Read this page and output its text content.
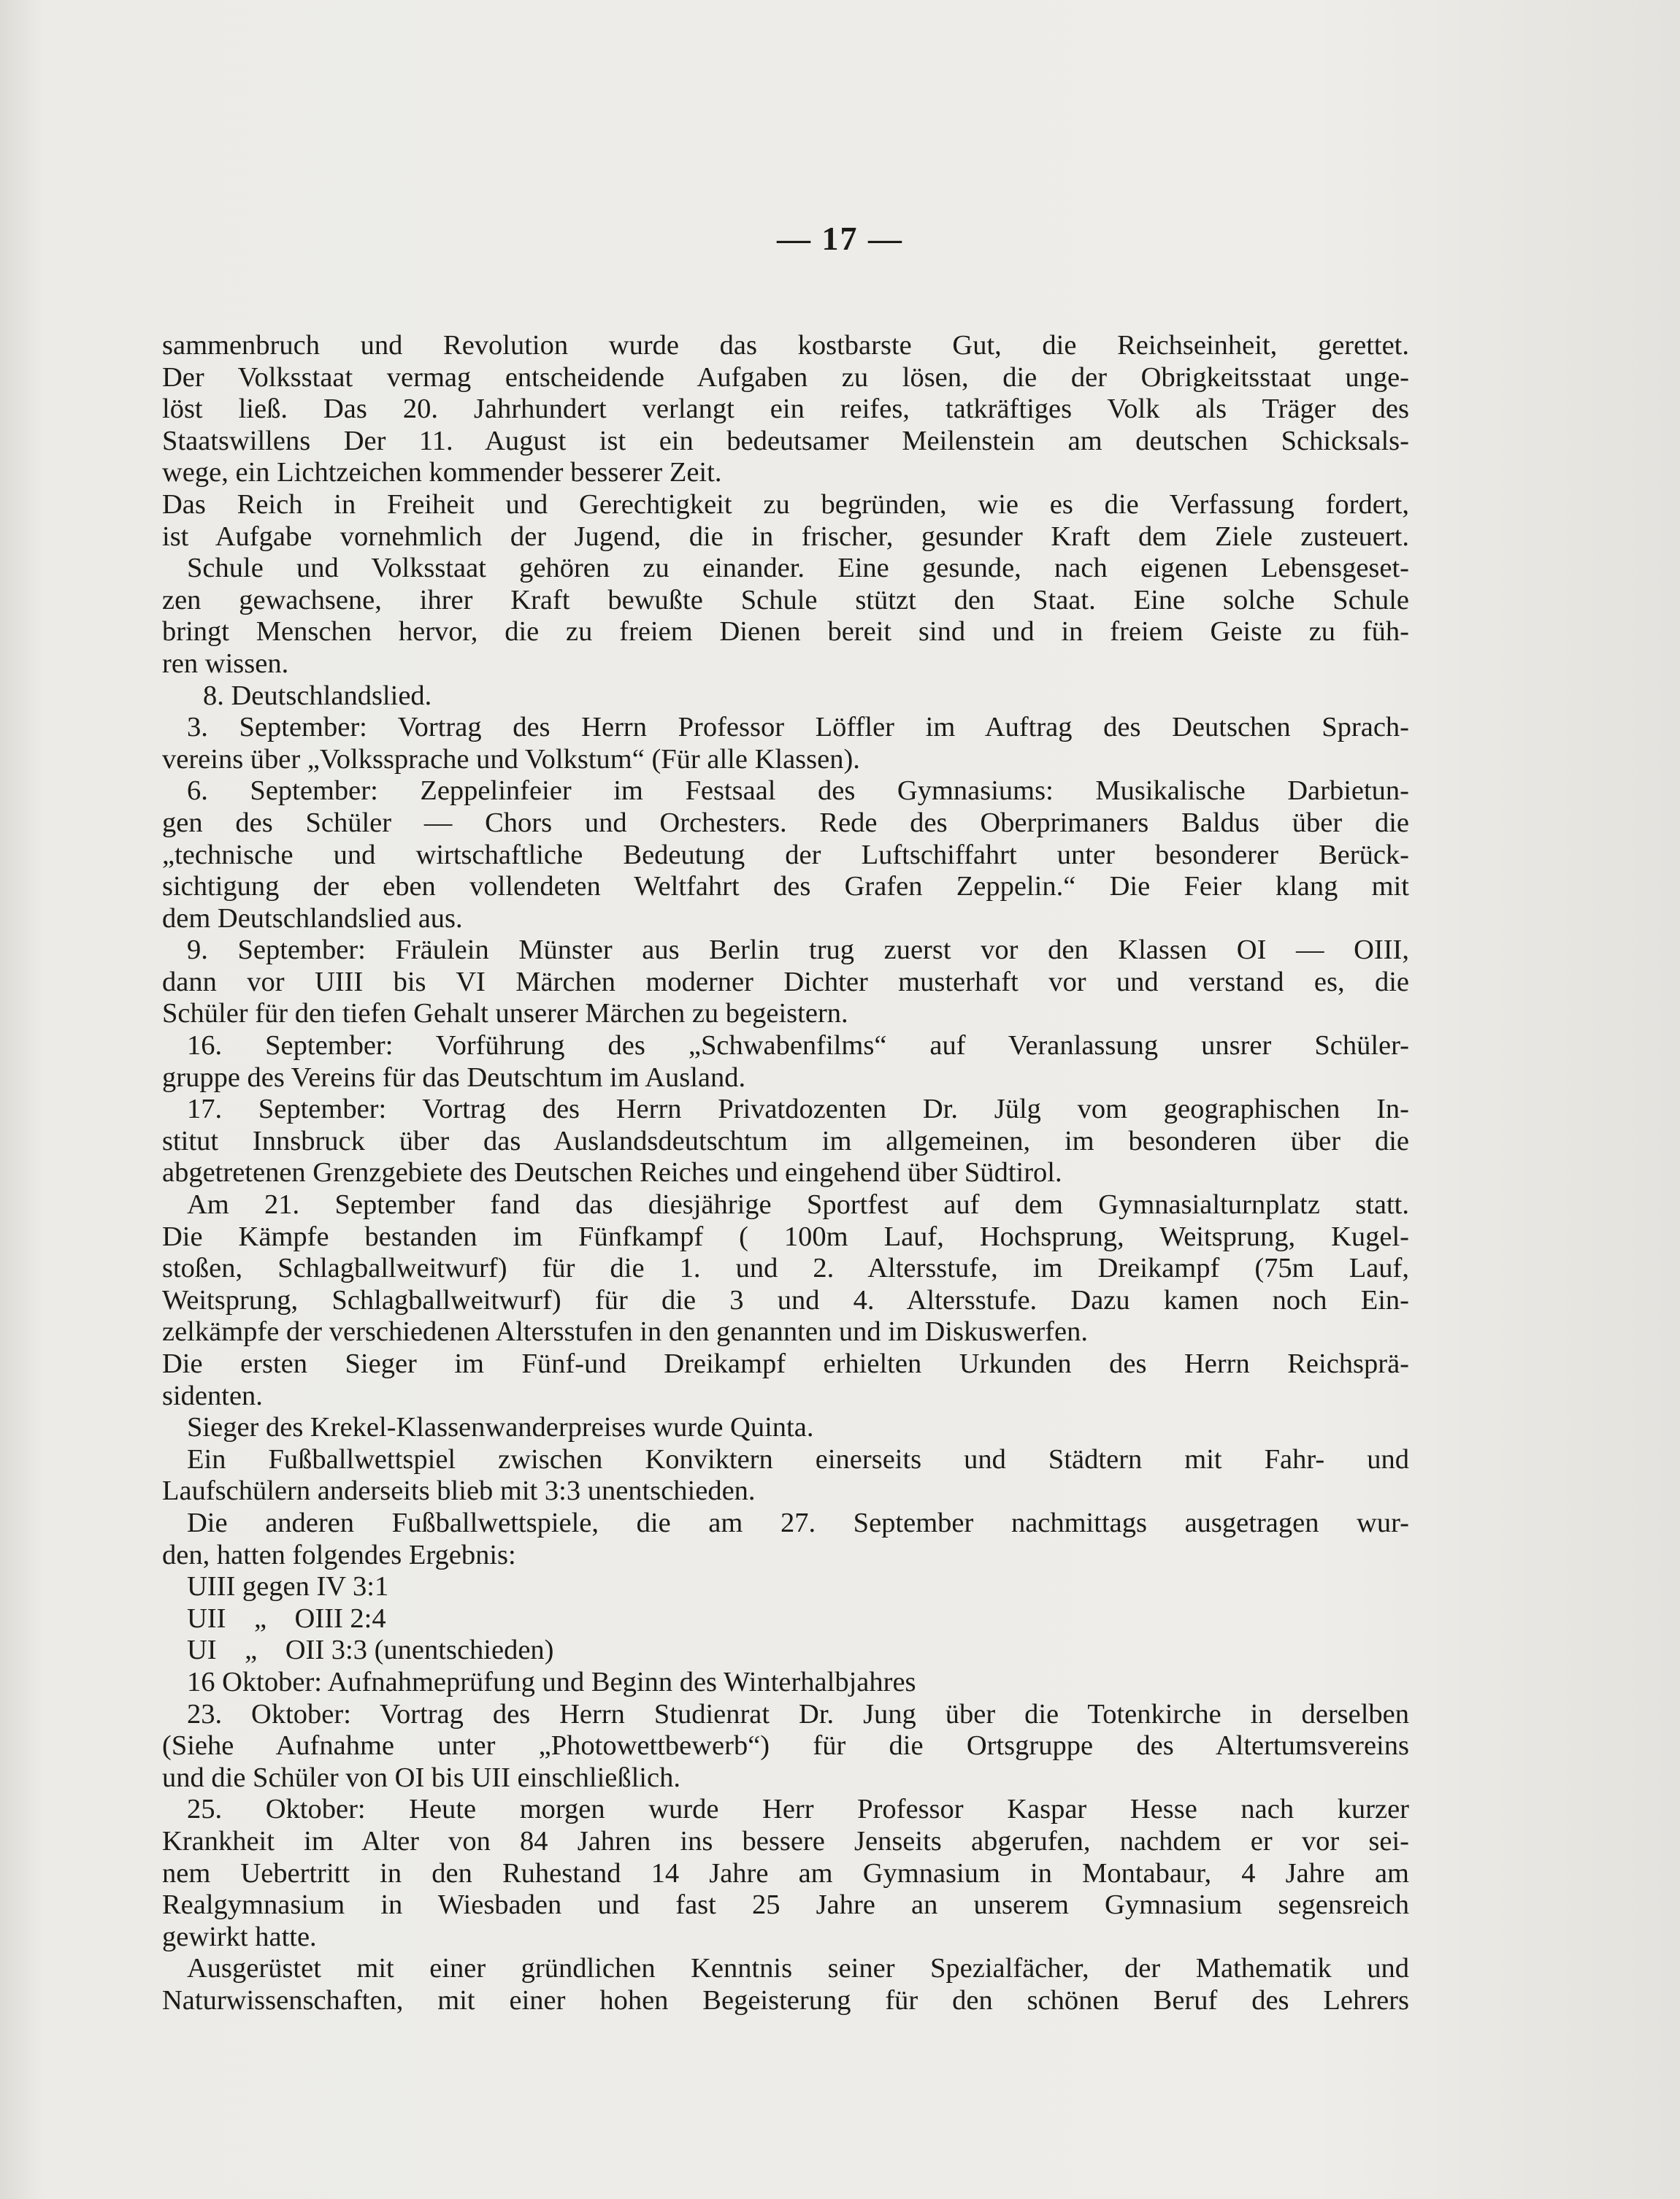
— 17 —
sammenbruch und Revolution wurde das kostbarste Gut, die Reichseinheit, gerettet.
Der Volksstaat vermag entscheidende Aufgaben zu lösen, die der Obrigkeitsstaat unge-
löst ließ. Das 20. Jahrhundert verlangt ein reifes, tatkräftiges Volk als Träger des
Staatswillens Der 11. August ist ein bedeutsamer Meilenstein am deutschen Schicksals-
wege, ein Lichtzeichen kommender besserer Zeit.
Das Reich in Freiheit und Gerechtigkeit zu begründen, wie es die Verfassung fordert,
ist Aufgabe vornehmlich der Jugend, die in frischer, gesunder Kraft dem Ziele zusteuert.
Schule und Volksstaat gehören zu einander. Eine gesunde, nach eigenen Lebensgeset-
zen gewachsene, ihrer Kraft bewußte Schule stützt den Staat. Eine solche Schule
bringt Menschen hervor, die zu freiem Dienen bereit sind und in freiem Geiste zu füh-
ren wissen.
8. Deutschlandslied.
3. September: Vortrag des Herrn Professor Löffler im Auftrag des Deutschen Sprach-
vereins über „Volkssprache und Volkstum“ (Für alle Klassen).
6. September: Zeppelinfeier im Festsaal des Gymnasiums: Musikalische Darbietun-
gen des Schüler — Chors und Orchesters. Rede des Oberprimaners Baldus über die
„technische und wirtschaftliche Bedeutung der Luftschiffahrt unter besonderer Berück-
sichtigung der eben vollendeten Weltfahrt des Grafen Zeppelin.“ Die Feier klang mit
dem Deutschlandslied aus.
9. September: Fräulein Münster aus Berlin trug zuerst vor den Klassen OI — OIII,
dann vor UIII bis VI Märchen moderner Dichter musterhaft vor und verstand es, die
Schüler für den tiefen Gehalt unserer Märchen zu begeistern.
16. September: Vorführung des „Schwabenfilms“ auf Veranlassung unsrer Schüler-
gruppe des Vereins für das Deutschtum im Ausland.
17. September: Vortrag des Herrn Privatdozenten Dr. Jülg vom geographischen In-
stitut Innsbruck über das Auslandsdeutschtum im allgemeinen, im besonderen über die
abgetretenen Grenzgebiete des Deutschen Reiches und eingehend über Südtirol.
Am 21. September fand das diesjährige Sportfest auf dem Gymnasialturnplatz statt.
Die Kämpfe bestanden im Fünfkampf ( 100m Lauf, Hochsprung, Weitsprung, Kugel-
stoßen, Schlagballweitwurf) für die 1. und 2. Altersstufe, im Dreikampf (75m Lauf,
Weitsprung, Schlagballweitwurf) für die 3 und 4. Altersstufe. Dazu kamen noch Ein-
zelkämpfe der verschiedenen Altersstufen in den genannten und im Diskuswerfen.
Die ersten Sieger im Fünf-und Dreikampf erhielten Urkunden des Herrn Reichsprä-
sidenten.
Sieger des Krekel-Klassenwanderpreises wurde Quinta.
Ein Fußballwettspiel zwischen Konviktern einerseits und Städtern mit Fahr- und
Laufschülern anderseits blieb mit 3:3 unentschieden.
Die anderen Fußballwettspiele, die am 27. September nachmittags ausgetragen wur-
den, hatten folgendes Ergebnis:
UIII gegen IV 3:1
UII    „    OIII 2:4
UI    „    OII 3:3 (unentschieden)
16 Oktober: Aufnahmeprüfung und Beginn des Winterhalbjahres
23. Oktober: Vortrag des Herrn Studienrat Dr. Jung über die Totenkirche in derselben
(Siehe Aufnahme unter „Photowettbewerb“) für die Ortsgruppe des Altertumsvereins
und die Schüler von OI bis UII einschließlich.
25. Oktober: Heute morgen wurde Herr Professor Kaspar Hesse nach kurzer
Krankheit im Alter von 84 Jahren ins bessere Jenseits abgerufen, nachdem er vor sei-
nem Uebertritt in den Ruhestand 14 Jahre am Gymnasium in Montabaur, 4 Jahre am
Realgymnasium in Wiesbaden und fast 25 Jahre an unserem Gymnasium segensreich
gewirkt hatte.
Ausgerüstet mit einer gründlichen Kenntnis seiner Spezialfächer, der Mathematik und
Naturwissenschaften, mit einer hohen Begeisterung für den schönen Beruf des Lehrers
